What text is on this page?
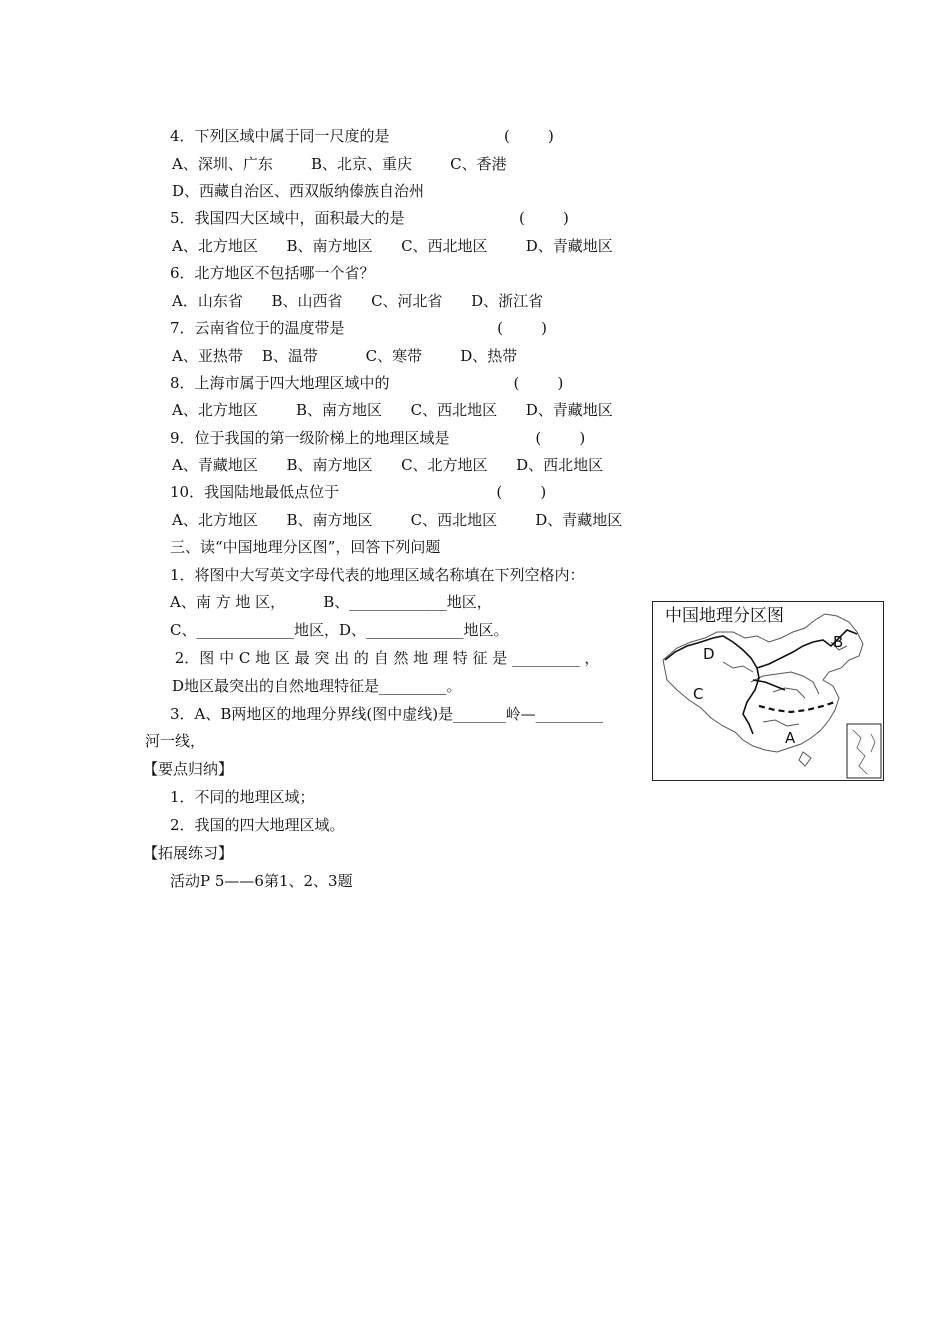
4．下列区域中属于同一尺度的是                        (        )
A、深圳、广东        B、北京、重庆        C、香港
D、西藏自治区、西双版纳傣族自治州
5．我国四大区域中，面积最大的是                        (        )
A、北方地区      B、南方地区      C、西北地区        D、青藏地区
6．北方地区不包括哪一个省？
A．山东省      B、山西省      C、河北省      D、浙江省
7．云南省位于的温度带是                                (        )
A、亚热带    B、温带          C、寒带        D、热带
8．上海市属于四大地理区域中的                          (        )
A、北方地区        B、南方地区      C、西北地区      D、青藏地区
9．位于我国的第一级阶梯上的地理区域是                  (        )
A、青藏地区      B、南方地区      C、北方地区      D、西北地区
10．我国陆地最低点位于                                 (        )
A、北方地区      B、南方地区        C、西北地区        D、青藏地区
三、读“中国地理分区图”，回答下列问题
1．将图中大写英文字母代表的地理区域名称填在下列空格内：
A、南 方 地 区，        B、_____________地区，
C、_____________地区，D、_____________地区。
2．图 中 C 地 区 最 突 出 的 自 然 地 理 特 征 是 _________ ，
D地区最突出的自然地理特征是_________。
3．A、B两地区的地理分界线(图中虚线)是_______岭—_________
河一线，
【要点归纳】
1．不同的地理区域；
2．我国的四大地理区域。
【拓展练习】
活动P 5——6第1、2、3题
中国地理分区图
B
D
C
A
